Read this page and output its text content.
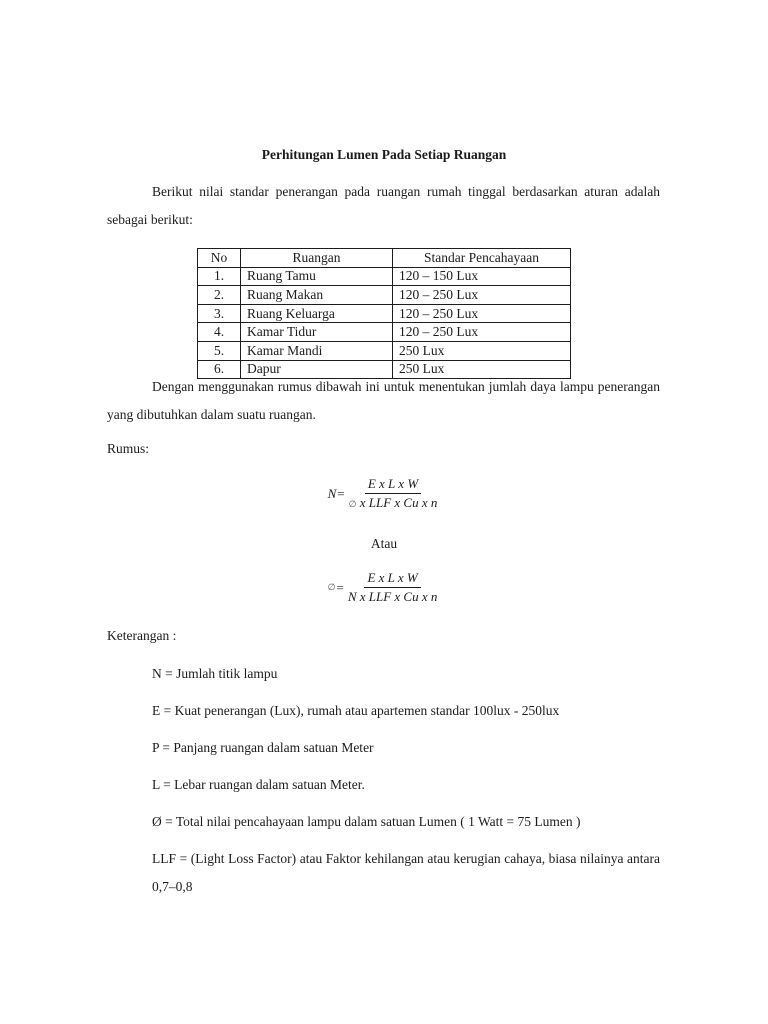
Perhitungan Lumen Pada Setiap Ruangan
Berikut nilai standar penerangan pada ruangan rumah tinggal berdasarkan aturan adalah sebagai berikut:
No	Ruangan	Standar Pencahayaan
1.	Ruang Tamu	120 – 150 Lux
2.	Ruang Makan	120 – 250 Lux
3.	Ruang Keluarga	120 – 250 Lux
4.	Kamar Tidur	120 – 250 Lux
5.	Kamar Mandi	250 Lux
6.	Dapur	250 Lux
Dengan menggunakan rumus dibawah ini untuk menentukan jumlah daya lampu penerangan yang dibutuhkan dalam suatu ruangan.
Rumus:
$N= \frac{\text{E x L x W}}{\text{∅ x LLF x Cu x n}}$
Atau
∅= $\frac{\text{E x L x W}}{\text{N x LLF x Cu x n}}$
Keterangan :
N = Jumlah titik lampu
E = Kuat penerangan (Lux), rumah atau apartemen standar 100lux - 250lux
P = Panjang ruangan dalam satuan Meter
L = Lebar ruangan dalam satuan Meter.
Ø = Total nilai pencahayaan lampu dalam satuan Lumen ( 1 Watt = 75 Lumen )
LLF = (Light Loss Factor) atau Faktor kehilangan atau kerugian cahaya, biasa nilainya antara 0,7–0,8
